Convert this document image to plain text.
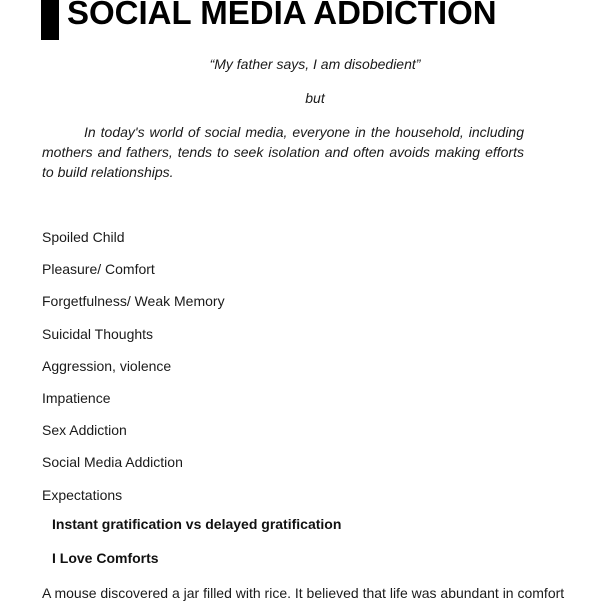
SOCIAL MEDIA ADDICTION
“My father says, I am disobedient”
but

In today's world of social media, everyone in the household, including mothers and fathers, tends to seek isolation and often avoids making efforts to build relationships.

Spoiled Child
Pleasure/ Comfort
Forgetfulness/ Weak Memory
Suicidal Thoughts
Aggression, violence
Impatience
Sex Addiction
Social Media Addiction
Expectations
Instant gratification vs delayed gratification
I Love Comforts

A mouse discovered a jar filled with rice. It believed that life was abundant in comfort
